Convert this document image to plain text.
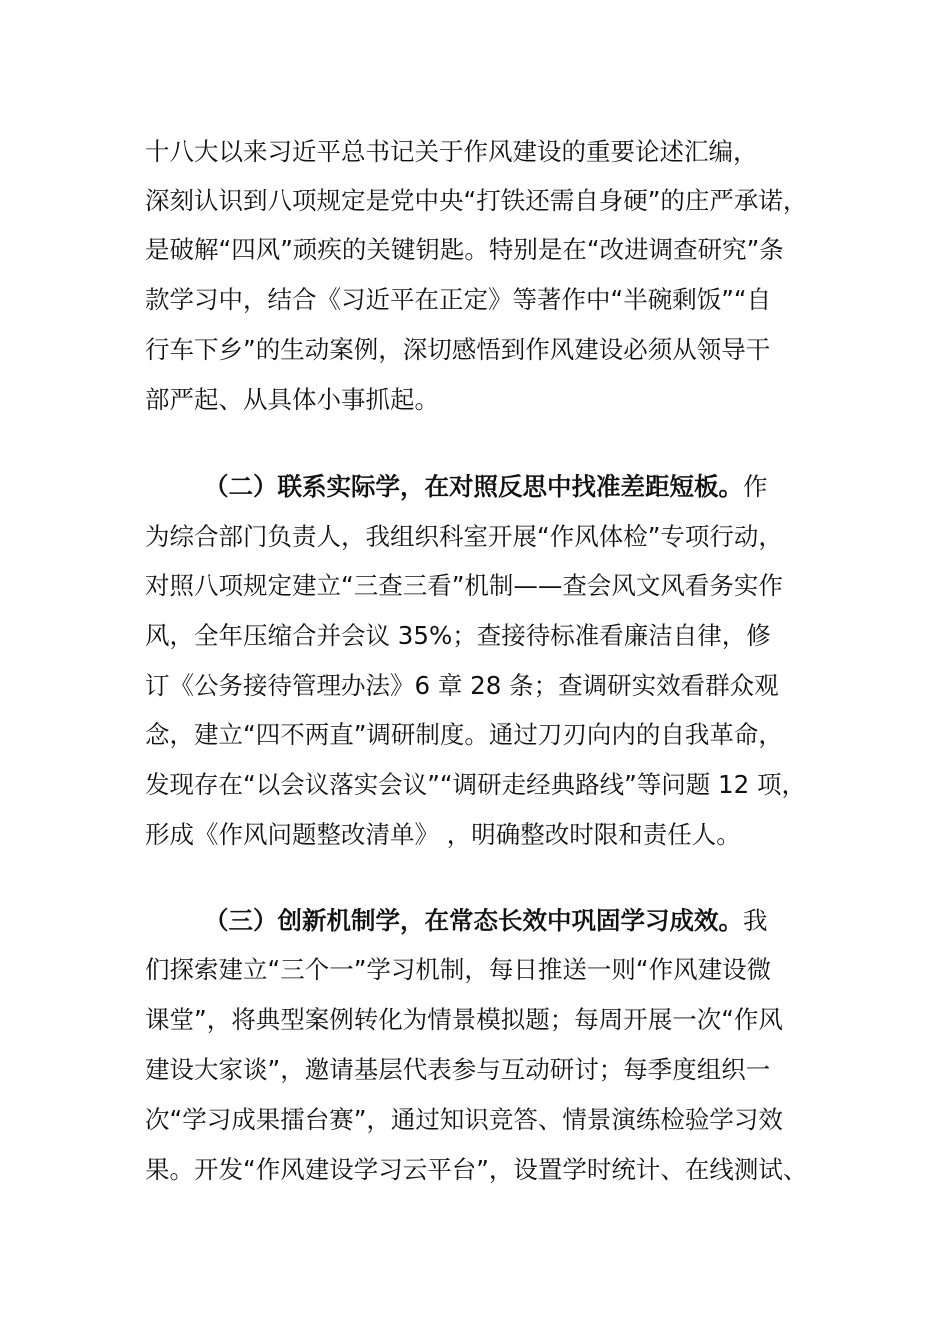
十八大以来习近平总书记关于作风建设的重要论述汇编，
深刻认识到八项规定是党中央“打铁还需自身硬”的庄严承诺，
是破解“四风”顽疾的关键钥匙。特别是在“改进调查研究”条
款学习中，结合《习近平在正定》等著作中“半碗剩饭”“自
行车下乡”的生动案例，深切感悟到作风建设必须从领导干
部严起、从具体小事抓起。
（二）联系实际学，在对照反思中找准差距短板。作
为综合部门负责人，我组织科室开展“作风体检”专项行动，
对照八项规定建立“三查三看”机制——查会风文风看务实作
风，全年压缩合并会议 35%；查接待标准看廉洁自律，修
订《公务接待管理办法》6 章 28 条；查调研实效看群众观
念，建立“四不两直”调研制度。通过刀刃向内的自我革命，
发现存在“以会议落实会议”“调研走经典路线”等问题 12 项，
形成《作风问题整改清单》 ，明确整改时限和责任人。
（三）创新机制学，在常态长效中巩固学习成效。我
们探索建立“三个一”学习机制，每日推送一则“作风建设微
课堂”，将典型案例转化为情景模拟题；每周开展一次“作风
建设大家谈”，邀请基层代表参与互动研讨；每季度组织一
次“学习成果擂台赛”，通过知识竞答、情景演练检验学习效
果。开发“作风建设学习云平台”，设置学时统计、在线测试、
